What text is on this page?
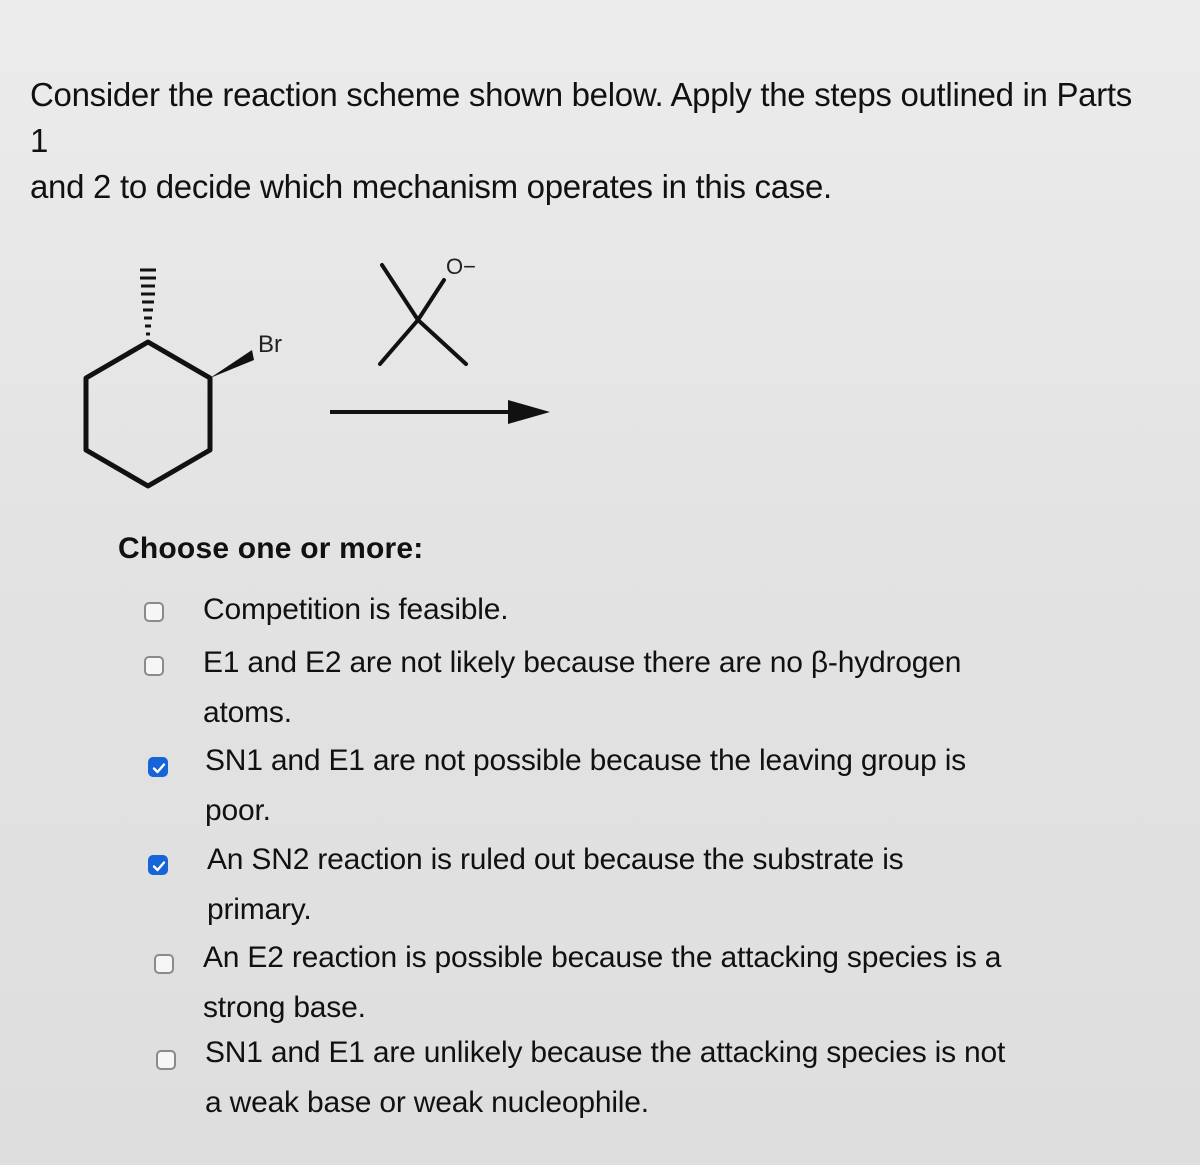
Consider the reaction scheme shown below. Apply the steps outlined in Parts 1
and 2 to decide which mechanism operates in this case.
Br
O−
Choose one or more:
Competition is feasible.
E1 and E2 are not likely because there are no β-hydrogen
atoms.
SN1 and E1 are not possible because the leaving group is
poor.
An SN2 reaction is ruled out because the substrate is
primary.
An E2 reaction is possible because the attacking species is a
strong base.
SN1 and E1 are unlikely because the attacking species is not
a weak base or weak nucleophile.
